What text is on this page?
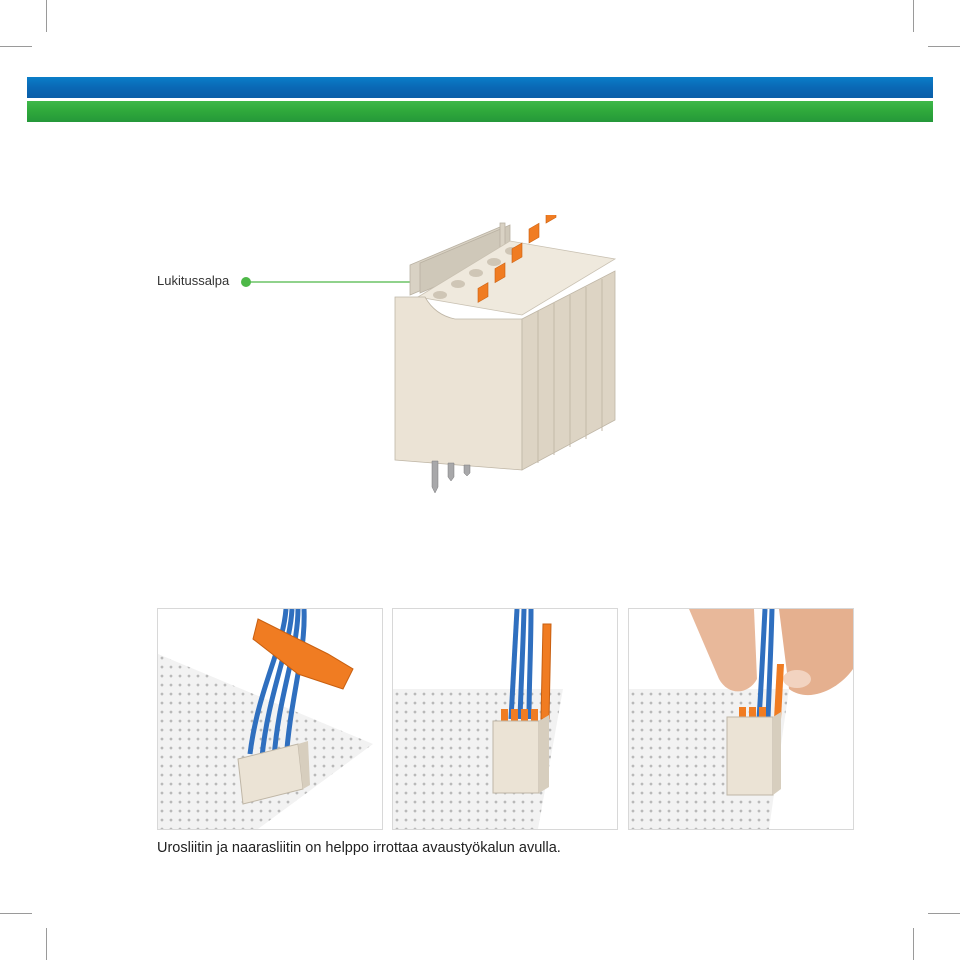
Lukitussalpa
Urosliitin ja naarasliitin on helppo irrottaa avaustyökalun avulla.
